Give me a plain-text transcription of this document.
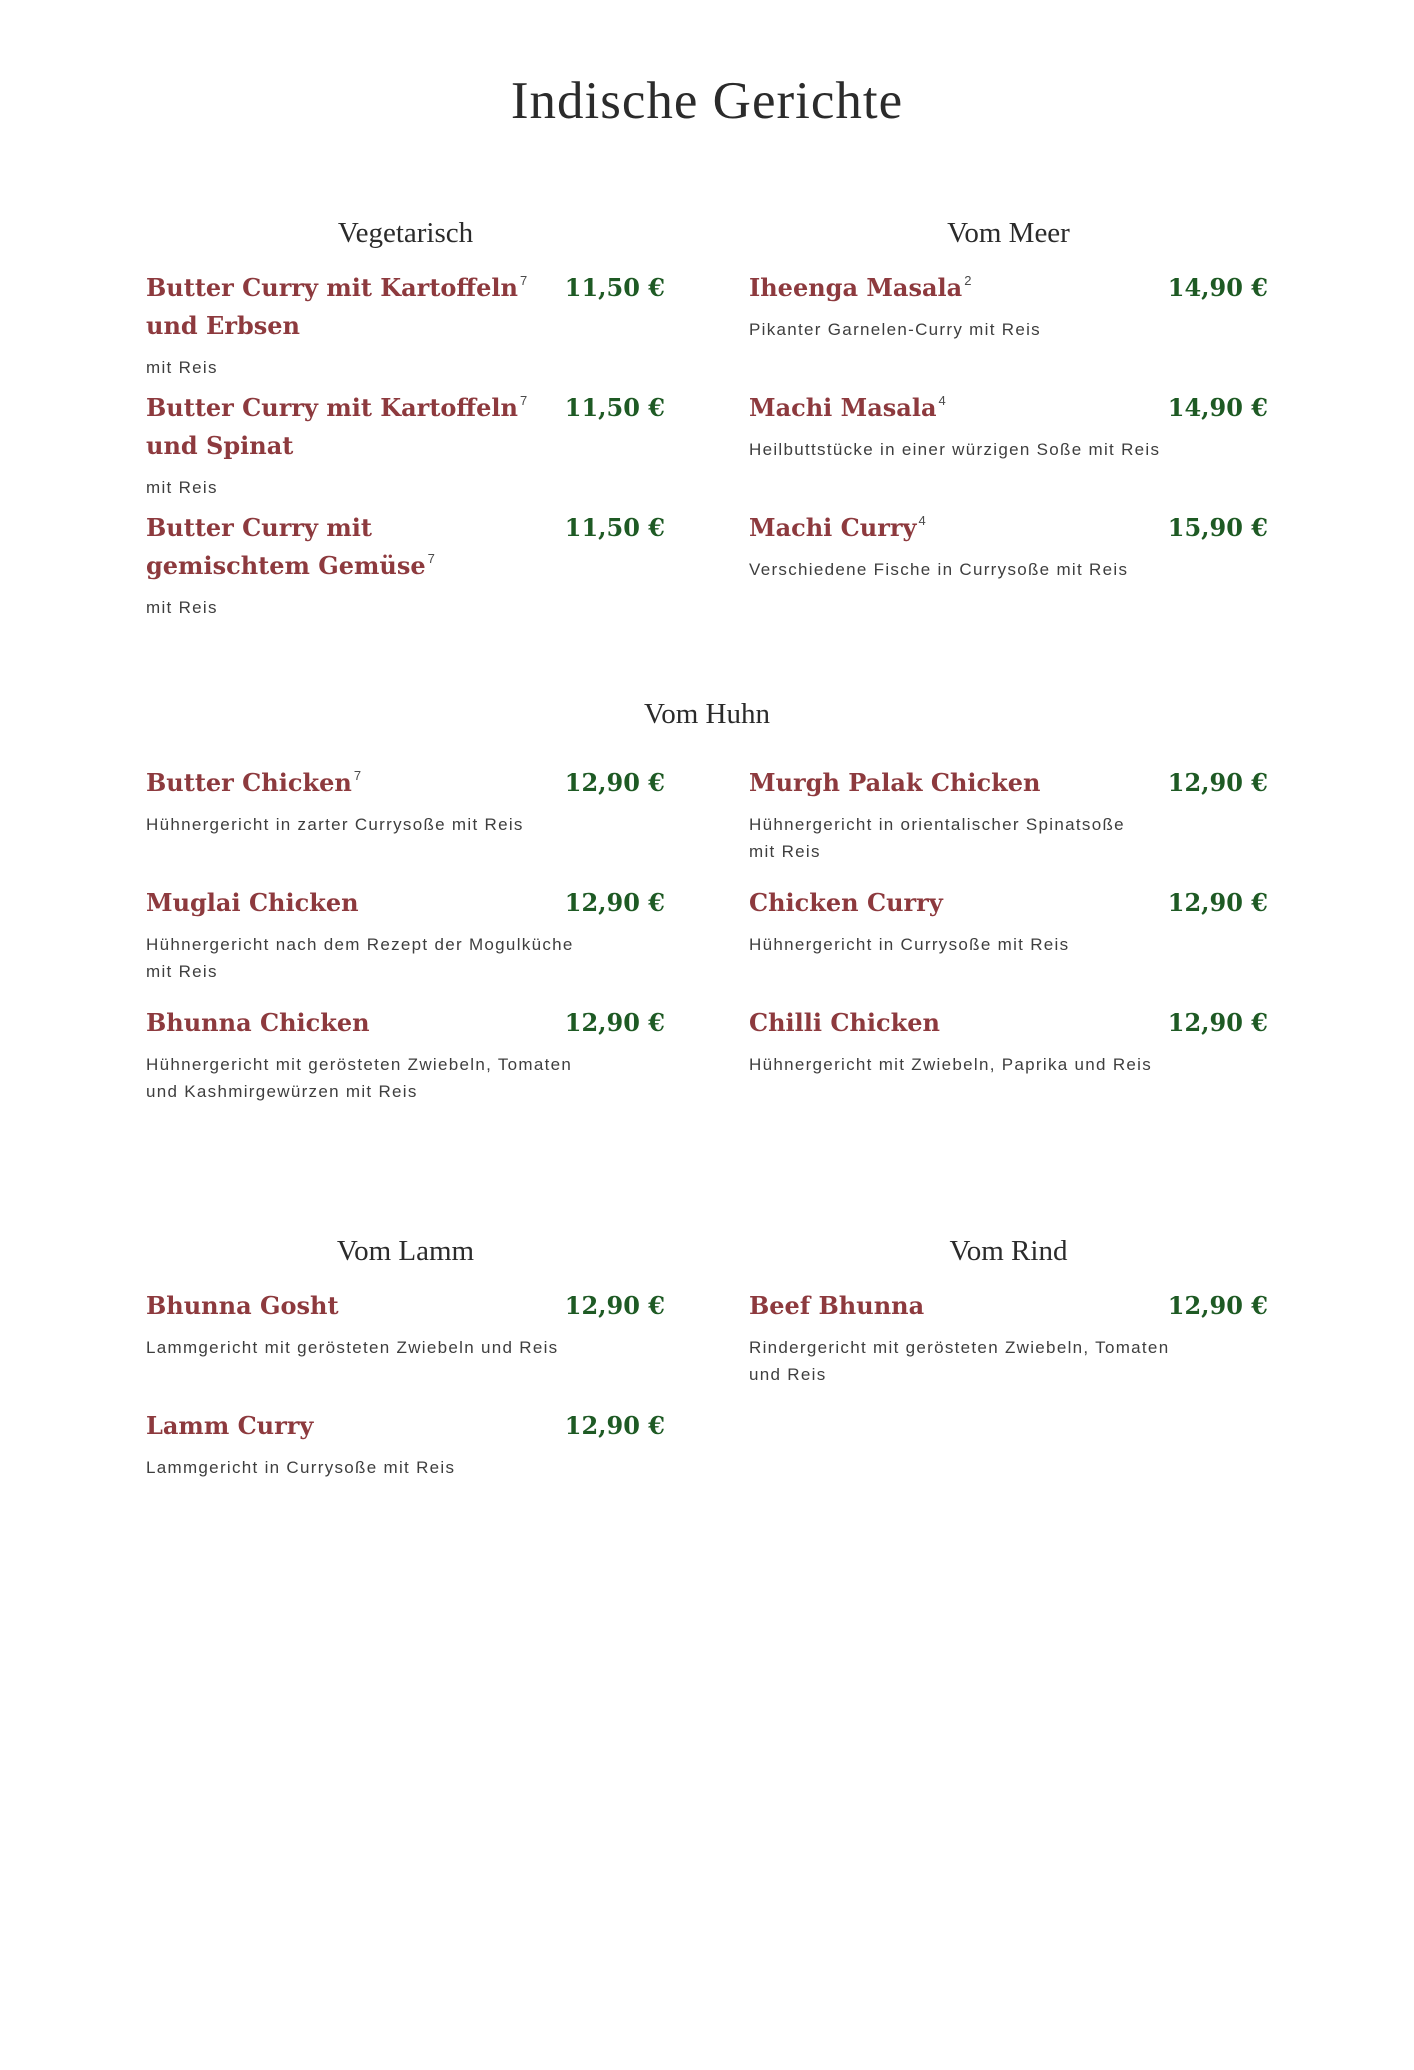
Indische Gerichte
Vegetarisch
Butter Curry mit Kartoffeln $^7$
und Erbsen
11,50 €

mit Reis

Butter Curry mit Kartoffeln $^7$
und Spinat
11,50 €

mit Reis

Butter Curry mit
gemischtem Gemüse $^7$
11,50 €

mit Reis

Vom Meer
Iheenga Masala $^2$	14,90 €

Pikanter Garnelen-Curry mit Reis

Machi Masala $^4$	14,90 €

Heilbuttstücke in einer würzigen Soße mit Reis

Machi Curry $^4$	15,90 €

Verschiedene Fische in Currysoße mit Reis

Vom Huhn
Butter Chicken $^7$	12,90 €

Hühnergericht in zarter Currysoße mit Reis

Muglai Chicken	12,90 €

Hühnergericht nach dem Rezept der Mogulküche
mit Reis

Bhunna Chicken	12,90 €

Hühnergericht mit gerösteten Zwiebeln, Tomaten
und Kashmirgewürzen mit Reis

Murgh Palak Chicken	12,90 €

Hühnergericht in orientalischer Spinatsoße
mit Reis

Chicken Curry	12,90 €

Hühnergericht in Currysoße mit Reis

Chilli Chicken	12,90 €

Hühnergericht mit Zwiebeln, Paprika und Reis

Vom Lamm
Bhunna Gosht	12,90 €

Lammgericht mit gerösteten Zwiebeln und Reis

Lamm Curry	12,90 €

Lammgericht in Currysoße mit Reis

Vom Rind
Beef Bhunna	12,90 €

Rindergericht mit gerösteten Zwiebeln, Tomaten
und Reis
